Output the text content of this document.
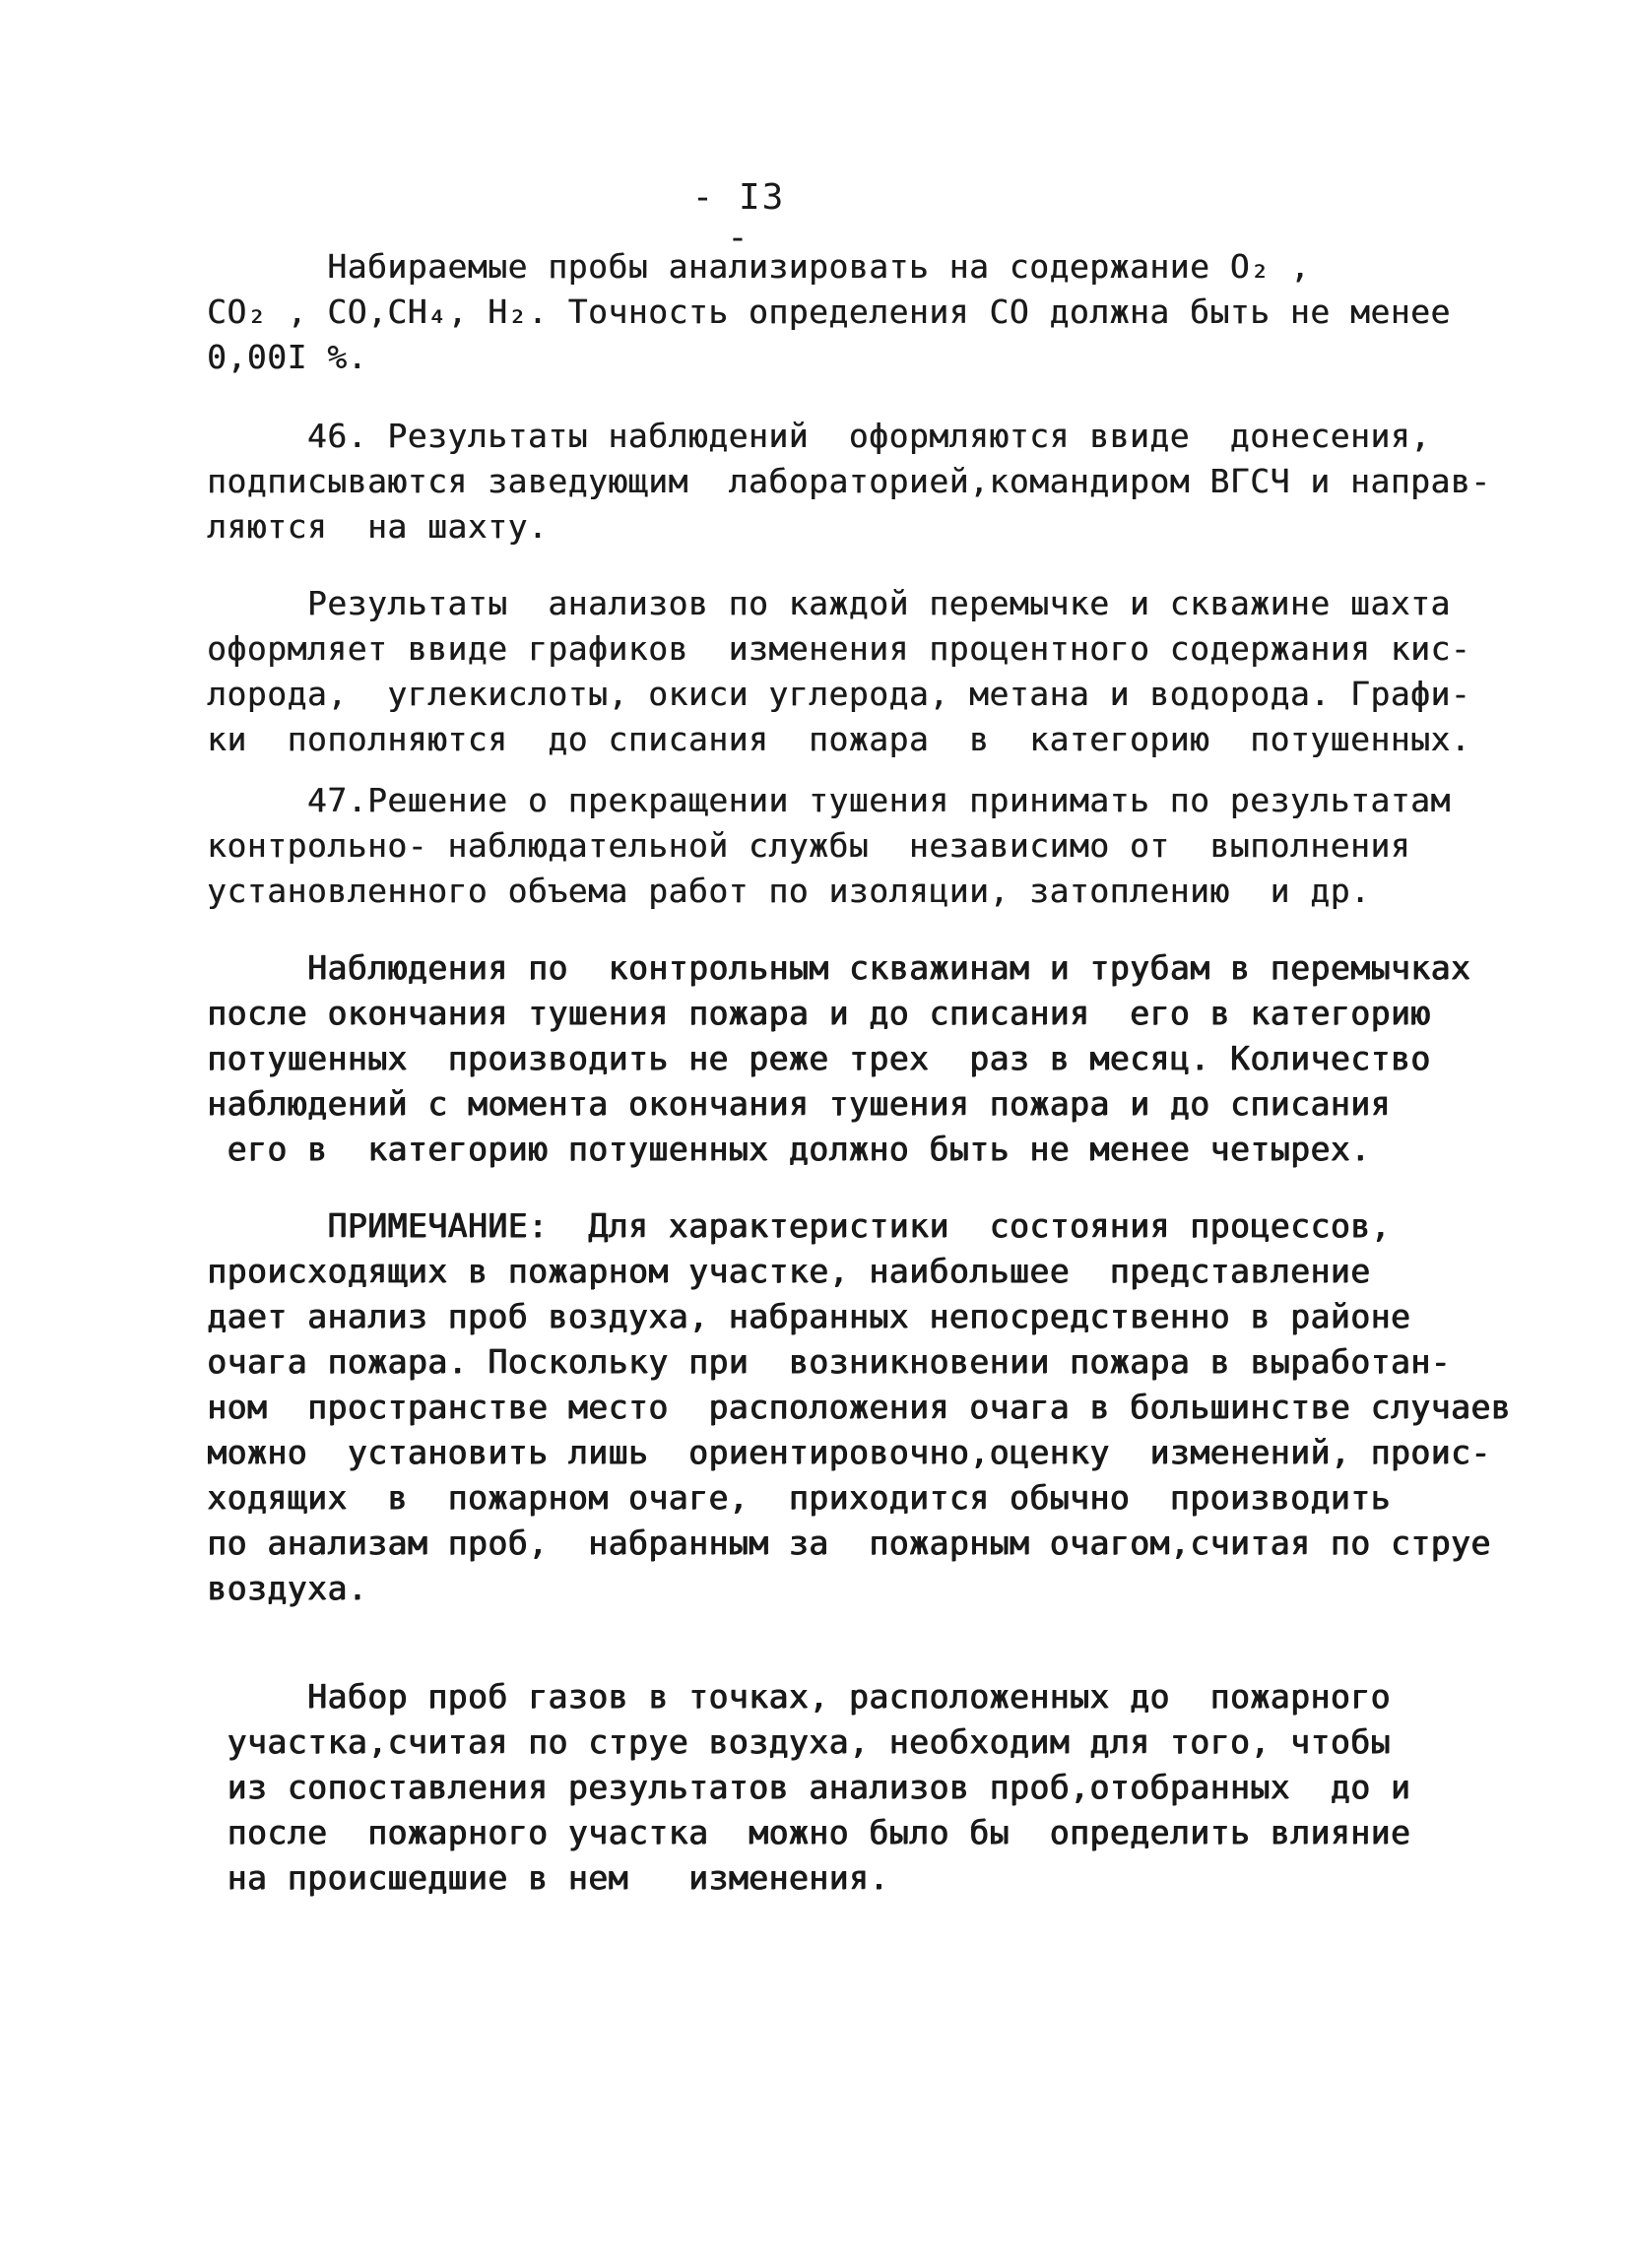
- I3 -
Набираемые пробы анализировать на содержание O₂ ,
CO₂ , CO,CH₄, H₂. Точность определения CO должна быть не менее
0,00I %.
46. Результаты наблюдений  оформляются ввиде  донесения,
подписываются заведующим  лабораторией,командиром ВГСЧ и направ-
ляются  на шахту.
Результаты  анализов по каждой перемычке и скважине шахта
оформляет ввиде графиков  изменения процентного содержания кис-
лорода,  углекислоты, окиси углерода, метана и водорода. Графи-
ки  пополняются  до списания  пожара  в  категорию  потушенных.
47.Решение о прекращении тушения принимать по результатам
контрольно- наблюдательной службы  независимо от  выполнения
установленного объема работ по изоляции, затоплению  и др.
Наблюдения по  контрольным скважинам и трубам в перемычках
после окончания тушения пожара и до списания  его в категорию
потушенных  производить не реже трех  раз в месяц. Количество
наблюдений с момента окончания тушения пожара и до списания
его в  категорию потушенных должно быть не менее четырех.
ПРИМЕЧАНИЕ:  Для характеристики  состояния процессов,
происходящих в пожарном участке, наибольшее  представление
дает анализ проб воздуха, набранных непосредственно в районе
очага пожара. Поскольку при  возникновении пожара в выработан-
ном  пространстве место  расположения очага в большинстве случаев
можно  установить лишь  ориентировочно,оценку  изменений, проис-
ходящих  в  пожарном очаге,  приходится обычно  производить
по анализам проб,  набранным за  пожарным очагом,считая по струе
воздуха.
Набор проб газов в точках, расположенных до  пожарного
участка,считая по струе воздуха, необходим для того, чтобы
из сопоставления результатов анализов проб,отобранных  до и
после  пожарного участка  можно было бы  определить влияние
на происшедшие в нем   изменения.
